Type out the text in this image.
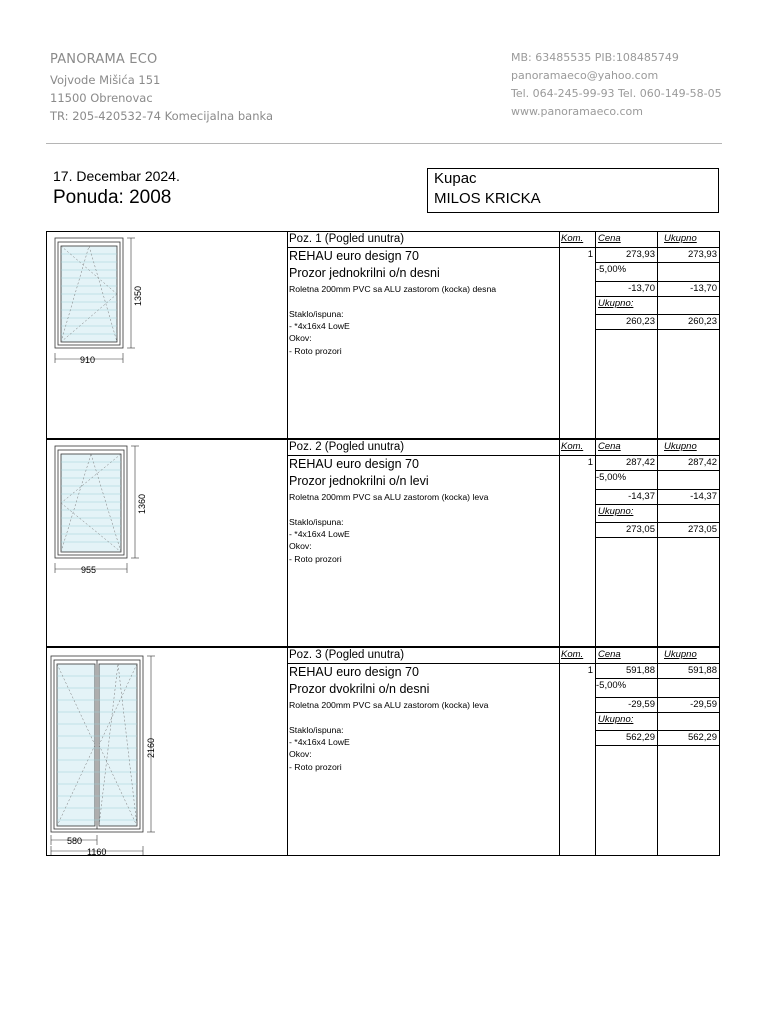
PANORAMA ECO
Vojvode Mišića 151
11500 Obrenovac
TR: 205-420532-74 Komecijalna banka
MB: 63485535 PIB:108485749
panoramaeco@yahoo.com
Tel. 064-245-99-93 Tel. 060-149-58-05
www.panoramaeco.com
17. Decembar 2024.
Ponuda: 2008
Kupac
MILOS KRICKA
910
1350
Poz. 1 (Pogled unutra)
REHAU euro design 70
Prozor jednokrilni o/n desni
Roletna 200mm PVC sa ALU zastorom (kocka) desna
Staklo/ispuna:
- *4x16x4 LowE
Okov:
- Roto prozori
Kom. Cena	Ukupno
1	273,93	273,93
-5,00%
-13,70	-13,70
Ukupno:
260,23	260,23
955
1360
Poz. 2 (Pogled unutra)
REHAU euro design 70
Prozor jednokrilni o/n levi
Roletna 200mm PVC sa ALU zastorom (kocka) leva
Staklo/ispuna:
- *4x16x4 LowE
Okov:
- Roto prozori
Kom. Cena	Ukupno
1	287,42	287,42
-5,00%
-14,37	-14,37
Ukupno:
273,05	273,05
580
1160
2160
Poz. 3 (Pogled unutra)
REHAU euro design 70
Prozor dvokrilni o/n desni
Roletna 200mm PVC sa ALU zastorom (kocka) leva
Staklo/ispuna:
- *4x16x4 LowE
Okov:
- Roto prozori
Kom. Cena	Ukupno
1	591,88	591,88
-5,00%
-29,59	-29,59
Ukupno:
562,29	562,29
